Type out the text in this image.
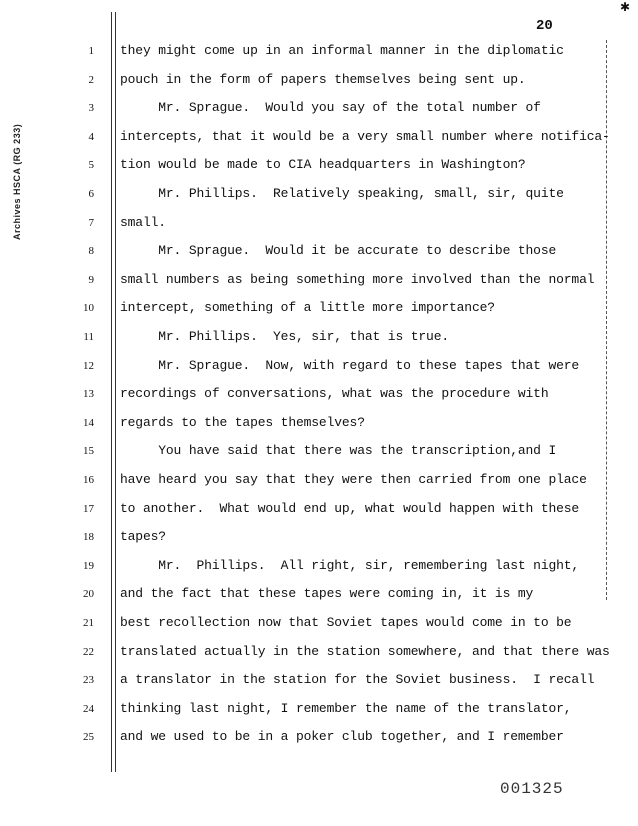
Archives HSCA (RG 233)
✱
20
1 they might come up in an informal manner in the diplomatic
2 pouch in the form of papers themselves being sent up.
3 Mr. Sprague.  Would you say of the total number of
4 intercepts, that it would be a very small number where notifica-
5 tion would be made to CIA headquarters in Washington?
6 Mr. Phillips.  Relatively speaking, small, sir, quite
7 small.
8 Mr. Sprague.  Would it be accurate to describe those
9 small numbers as being something more involved than the normal
10 intercept, something of a little more importance?
11 Mr. Phillips.  Yes, sir, that is true.
12 Mr. Sprague.  Now, with regard to these tapes that were
13 recordings of conversations, what was the procedure with
14 regards to the tapes themselves?
15 You have said that there was the transcription,and I
16 have heard you say that they were then carried from one place
17 to another.  What would end up, what would happen with these
18 tapes?
19 Mr.  Phillips.  All right, sir, remembering last night,
20 and the fact that these tapes were coming in, it is my
21 best recollection now that Soviet tapes would come in to be
22 translated actually in the station somewhere, and that there was
23 a translator in the station for the Soviet business.  I recall
24 thinking last night, I remember the name of the translator,
25 and we used to be in a poker club together, and I remember
001325
